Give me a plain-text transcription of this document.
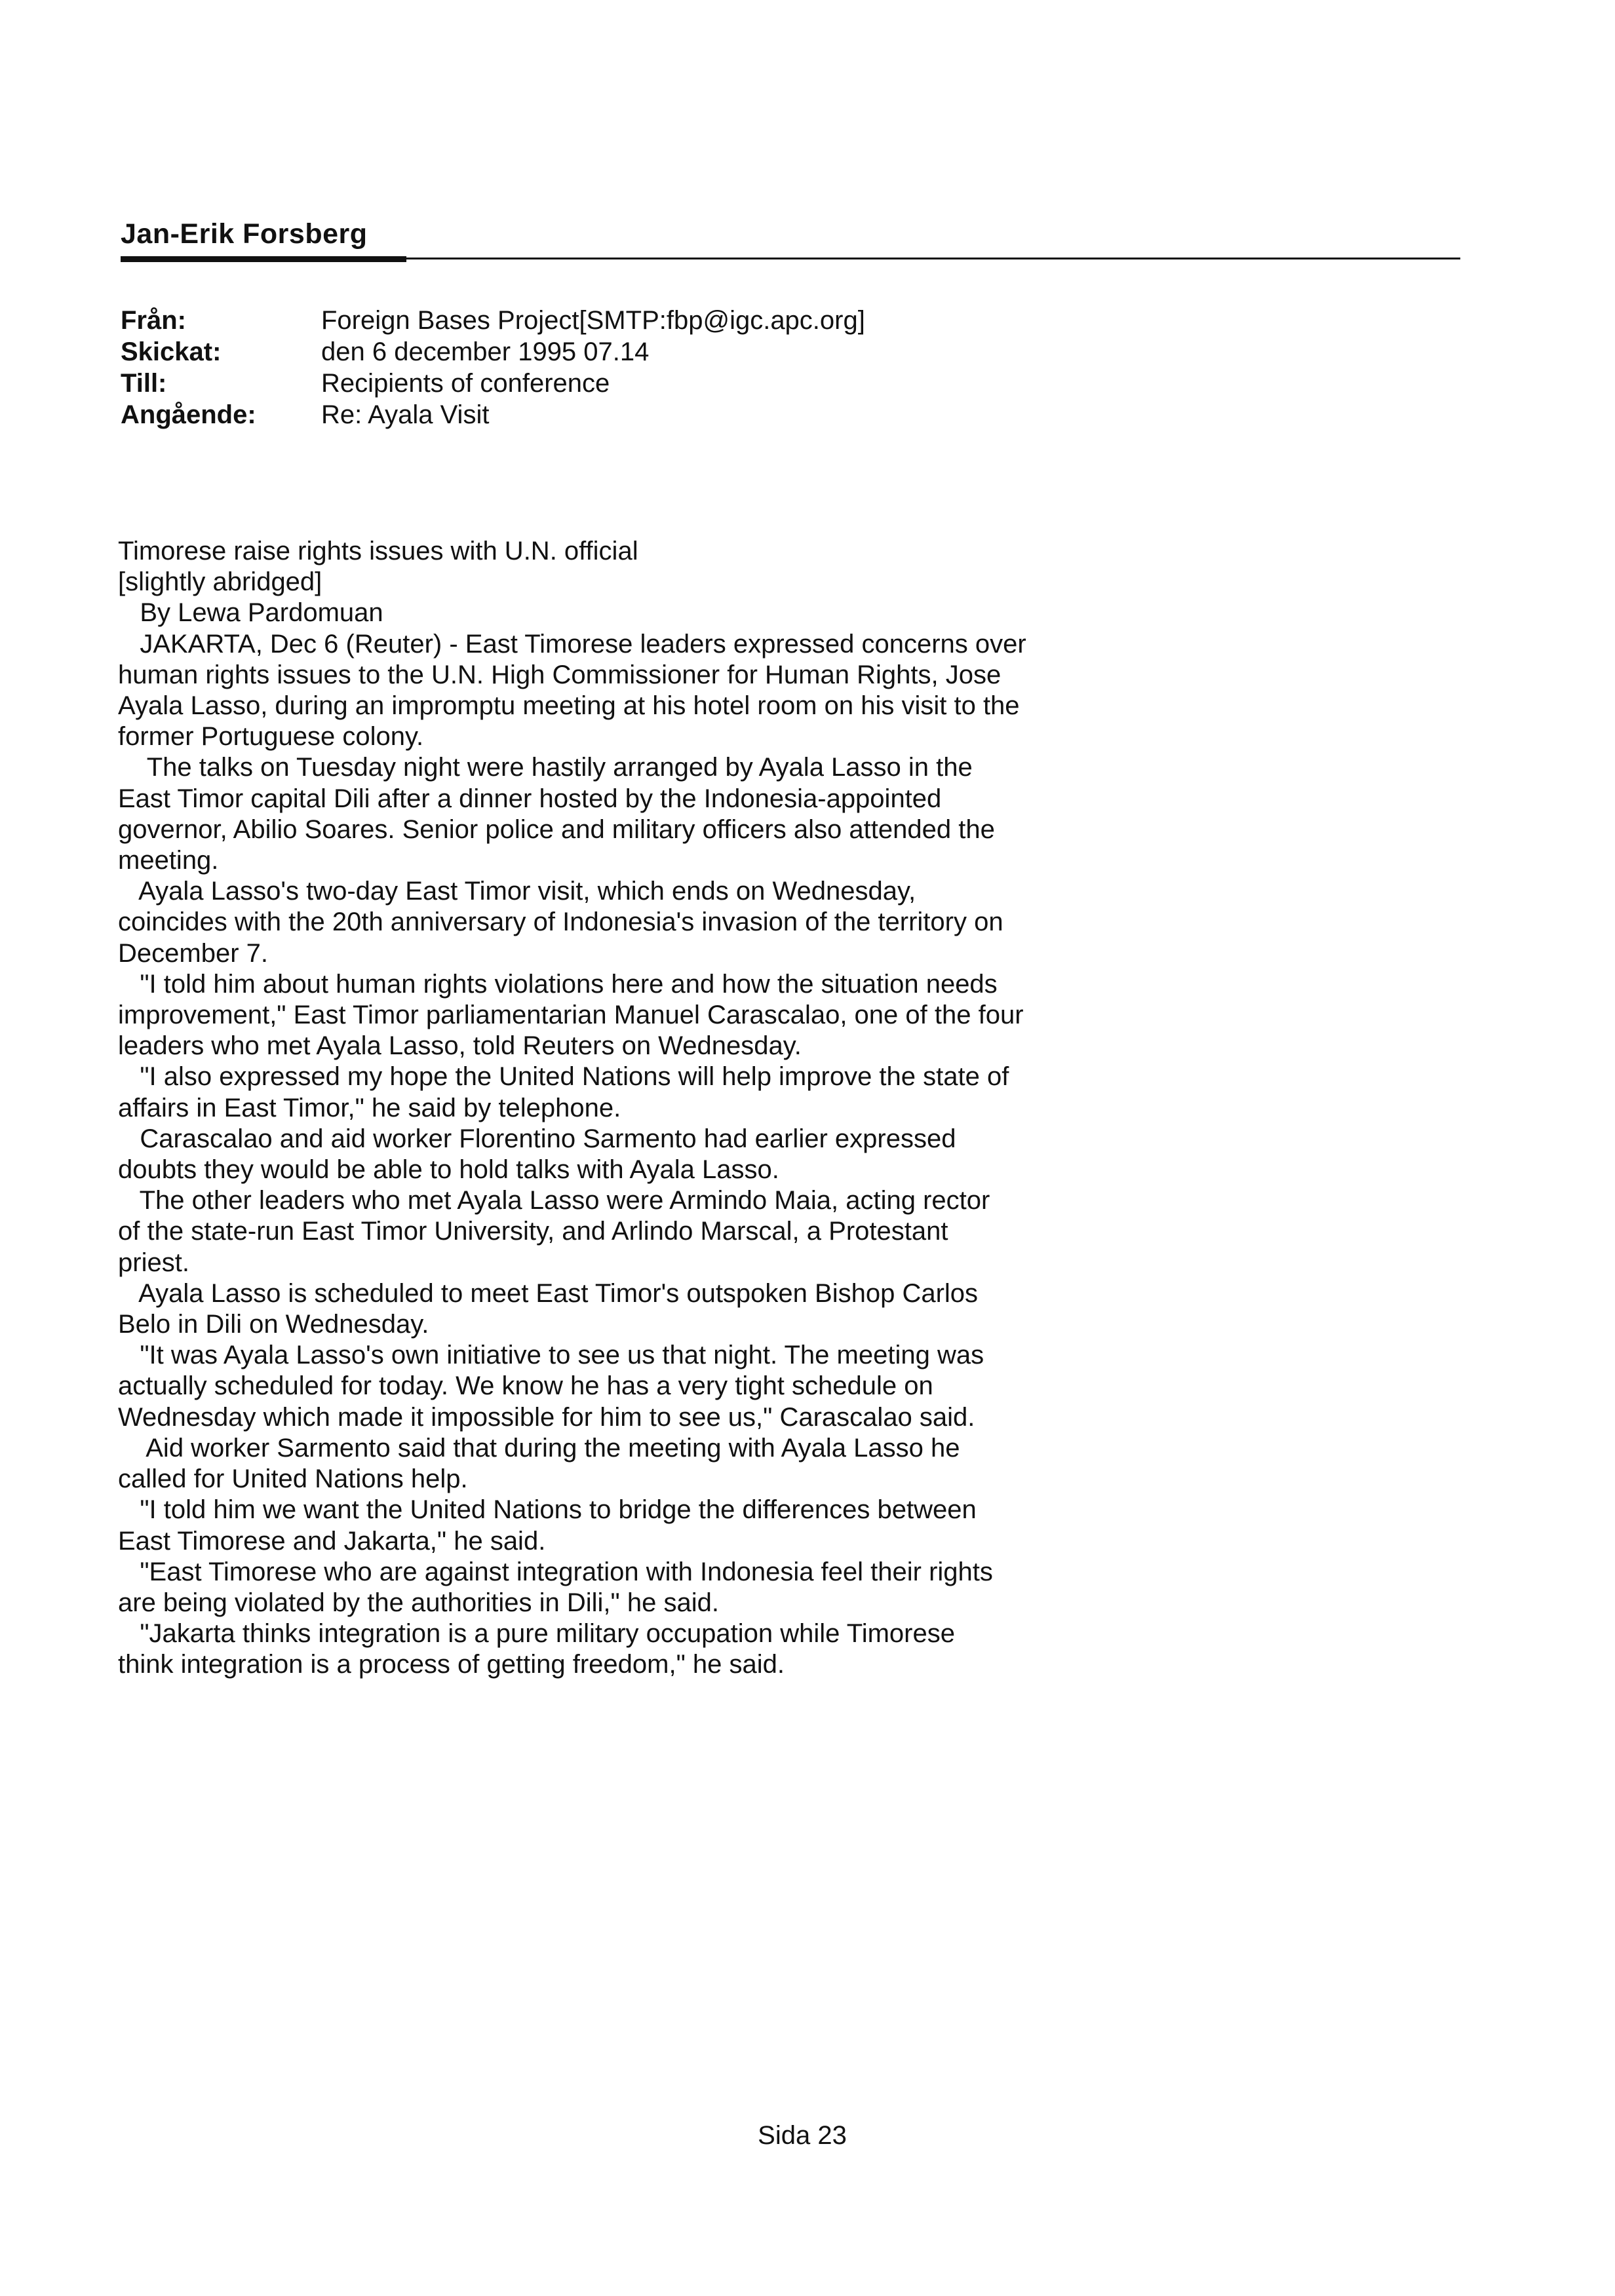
Jan-Erik Forsberg
Från:	Foreign Bases Project[SMTP:fbp@igc.apc.org]
Skickat:	den 6 december 1995 07.14
Till:	Recipients of conference
Angående:	Re: Ayala Visit
Timorese raise rights issues with U.N. official
[slightly abridged]
By Lewa Pardomuan
JAKARTA, Dec 6 (Reuter) - East Timorese leaders expressed concerns over
human rights issues to the U.N. High Commissioner for Human Rights, Jose
Ayala Lasso, during an impromptu meeting at his hotel room on his visit to the
former Portuguese colony.
The talks on Tuesday night were hastily arranged by Ayala Lasso in the
East Timor capital Dili after a dinner hosted by the Indonesia-appointed
governor, Abilio Soares. Senior police and military officers also attended the
meeting.
Ayala Lasso's two-day East Timor visit, which ends on Wednesday,
coincides with the 20th anniversary of Indonesia's invasion of the territory on
December 7.
"I told him about human rights violations here and how the situation needs
improvement," East Timor parliamentarian Manuel Carascalao, one of the four
leaders who met Ayala Lasso, told Reuters on Wednesday.
"I also expressed my hope the United Nations will help improve the state of
affairs in East Timor," he said by telephone.
Carascalao and aid worker Florentino Sarmento had earlier expressed
doubts they would be able to hold talks with Ayala Lasso.
The other leaders who met Ayala Lasso were Armindo Maia, acting rector
of the state-run East Timor University, and Arlindo Marscal, a Protestant
priest.
Ayala Lasso is scheduled to meet East Timor's outspoken Bishop Carlos
Belo in Dili on Wednesday.
"It was Ayala Lasso's own initiative to see us that night. The meeting was
actually scheduled for today. We know he has a very tight schedule on
Wednesday which made it impossible for him to see us," Carascalao said.
Aid worker Sarmento said that during the meeting with Ayala Lasso he
called for United Nations help.
"I told him we want the United Nations to bridge the differences between
East Timorese and Jakarta," he said.
"East Timorese who are against integration with Indonesia feel their rights
are being violated by the authorities in Dili," he said.
"Jakarta thinks integration is a pure military occupation while Timorese
think integration is a process of getting freedom," he said.
Sida 23
